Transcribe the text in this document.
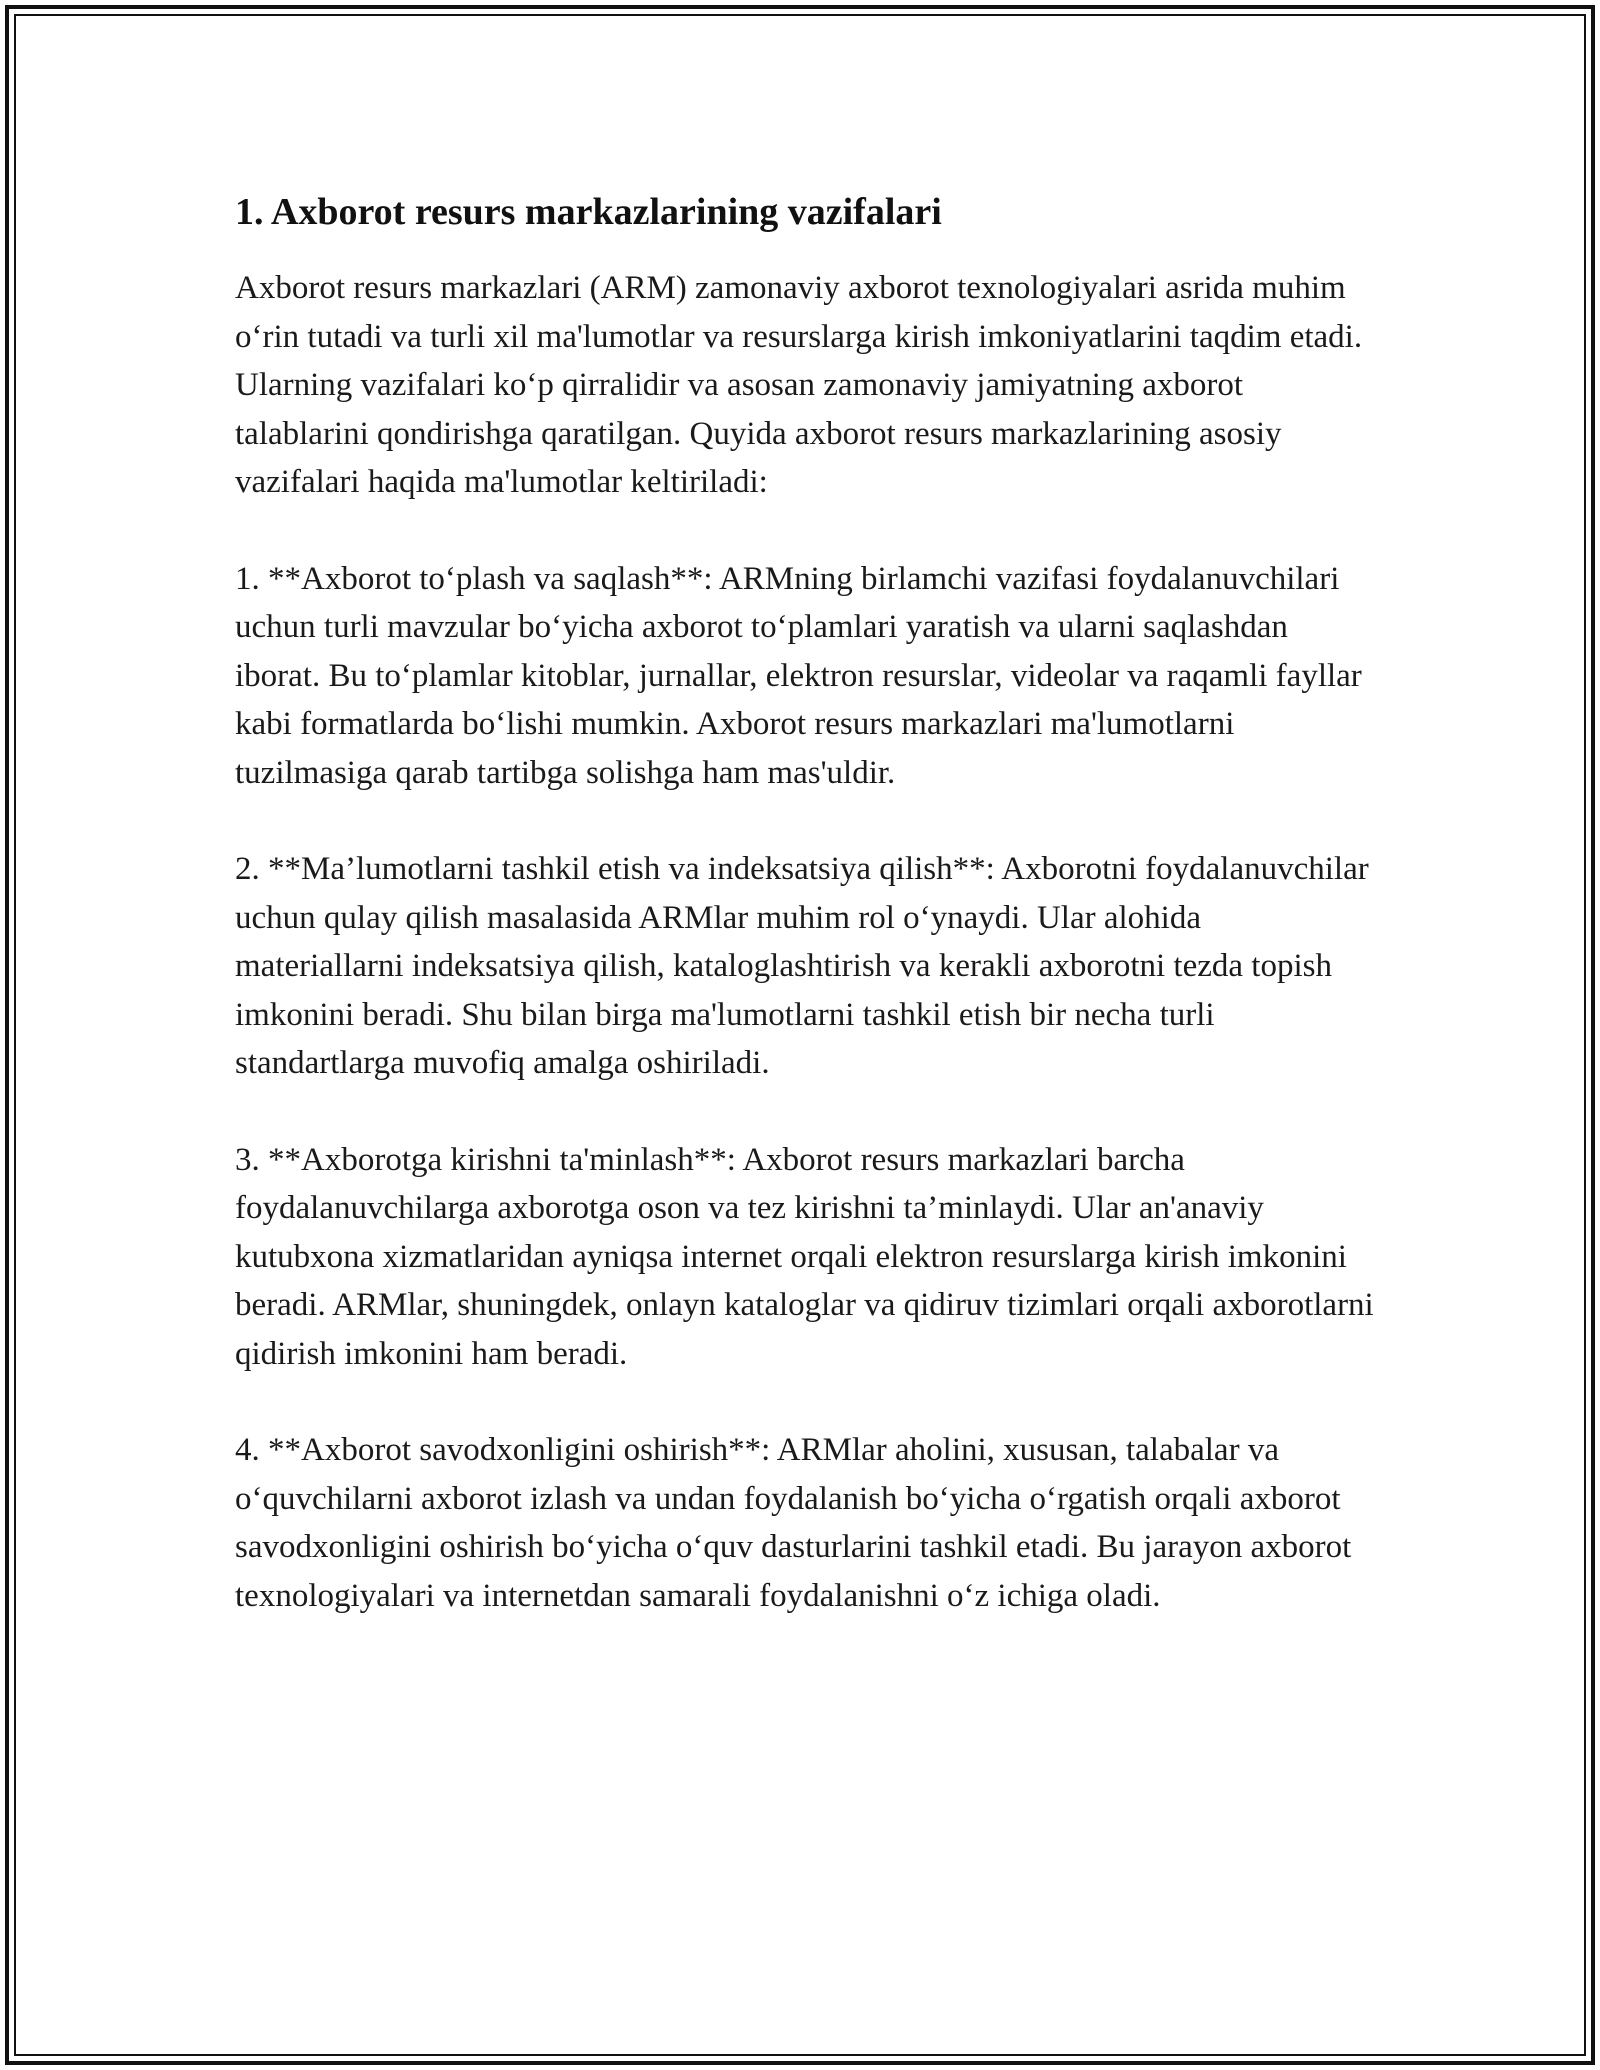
1. Axborot resurs markazlarining vazifalari

Axborot resurs markazlari (ARM) zamonaviy axborot texnologiyalari asrida muhim o‘rin tutadi va turli xil ma'lumotlar va resurslarga kirish imkoniyatlarini taqdim etadi. Ularning vazifalari ko‘p qirralidir va asosan zamonaviy jamiyatning axborot talablarini qondirishga qaratilgan. Quyida axborot resurs markazlarining asosiy vazifalari haqida ma'lumotlar keltiriladi:

1. **Axborot to‘plash va saqlash**: ARMning birlamchi vazifasi foydalanuvchilari uchun turli mavzular bo‘yicha axborot to‘plamlari yaratish va ularni saqlashdan iborat. Bu to‘plamlar kitoblar, jurnallar, elektron resurslar, videolar va raqamli fayllar kabi formatlarda bo‘lishi mumkin. Axborot resurs markazlari ma'lumotlarni tuzilmasiga qarab tartibga solishga ham mas'uldir.

2. **Ma’lumotlarni tashkil etish va indeksatsiya qilish**: Axborotni foydalanuvchilar uchun qulay qilish masalasida ARMlar muhim rol o‘ynaydi. Ular alohida materiallarni indeksatsiya qilish, kataloglashtirish va kerakli axborotni tezda topish imkonini beradi. Shu bilan birga ma'lumotlarni tashkil etish bir necha turli standartlarga muvofiq amalga oshiriladi.

3. **Axborotga kirishni ta'minlash**: Axborot resurs markazlari barcha foydalanuvchilarga axborotga oson va tez kirishni ta’minlaydi. Ular an'anaviy kutubxona xizmatlaridan ayniqsa internet orqali elektron resurslarga kirish imkonini beradi. ARMlar, shuningdek, onlayn kataloglar va qidiruv tizimlari orqali axborotlarni qidirish imkonini ham beradi.

4. **Axborot savodxonligini oshirish**: ARMlar aholini, xususan, talabalar va o‘quvchilarni axborot izlash va undan foydalanish bo‘yicha o‘rgatish orqali axborot savodxonligini oshirish bo‘yicha o‘quv dasturlarini tashkil etadi. Bu jarayon axborot texnologiyalari va internetdan samarali foydalanishni o‘z ichiga oladi.
